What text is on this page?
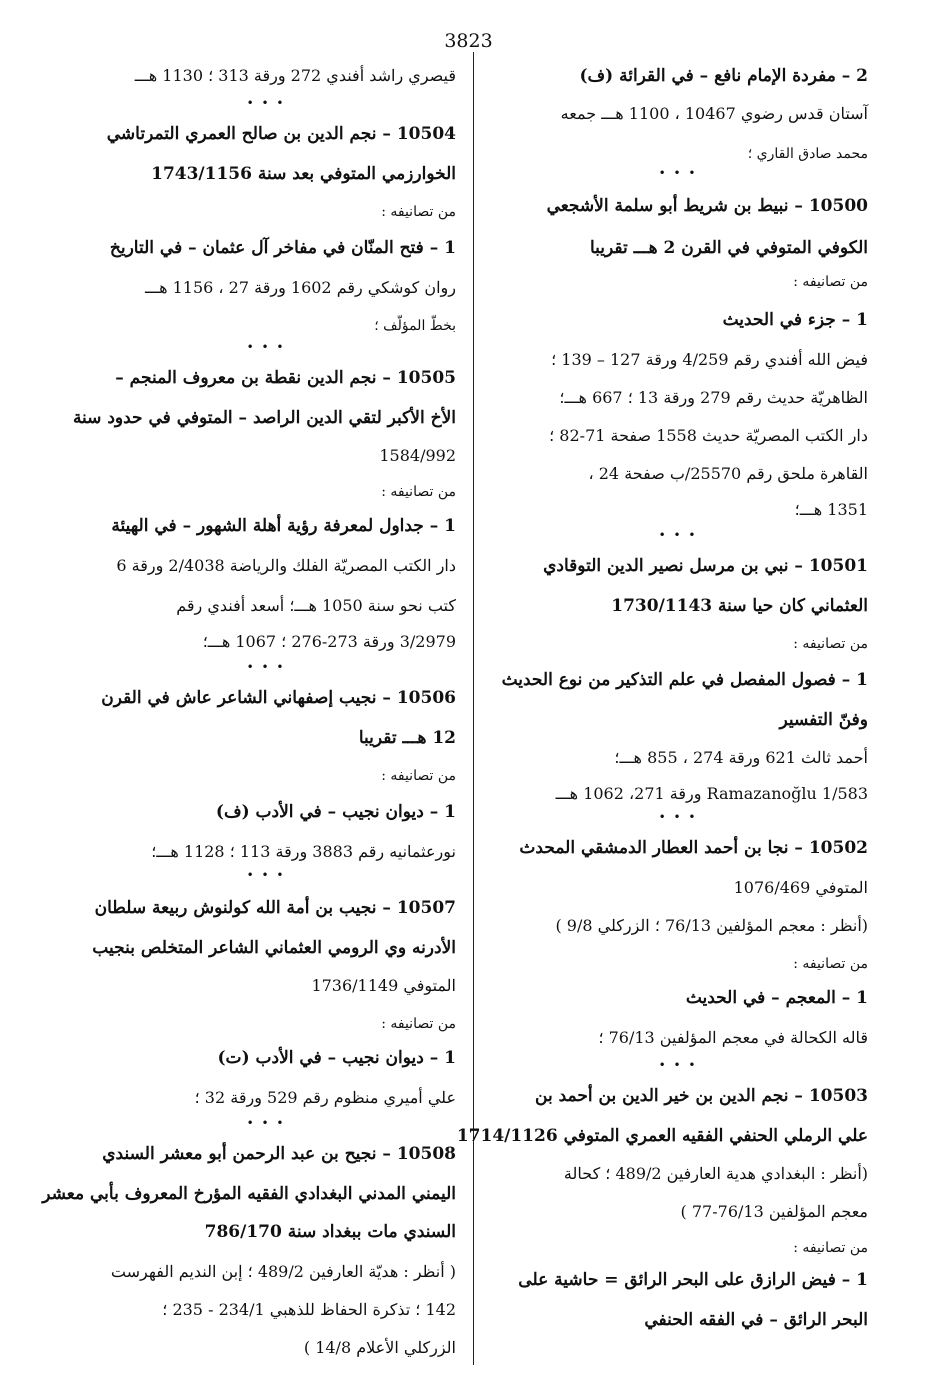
3823
2 – مفردة الإمام نافع – في القرائة (ف)
آستان قدس رضوي 10467 ، 1100 هـــ جمعه
محمد صادق القاري ؛
• • •
10500 – نبيط بن شريط أبو سلمة الأشجعي
الكوفي المتوفي في القرن 2 هـــ تقريبا
من تصانيفه :
1 – جزء في الحديث
فيض الله أفندي رقم 4/259 ورقة 127 – 139 ؛
الظاهريّة حديث رقم 279 ورقة 13 ؛ 667 هـــ؛
دار الكتب المصريّة حديث 1558 صفحة 71-82 ؛
القاهرة ملحق رقم 25570/ب صفحة 24 ،
1351 هـــ؛
• • •
10501 – نبي بن مرسل نصير الدين التوقادي
العثماني كان حيا سنة 1730/1143
من تصانيفه :
1 – فصول المفصل في علم التذكير من نوع الحديث
وفنّ التفسير
أحمد ثالث 621 ورقة 274 ، 855 هـــ؛
Ramazanoğlu 1/583 ورقة 271، 1062 هـــ
• • •
10502 – نجا بن أحمد العطار الدمشقي المحدث
المتوفي 1076/469
(أنظر : معجم المؤلفين 76/13 ؛ الزركلي 9/8 )
من تصانيفه :
1 – المعجم – في الحديث
قاله الكحالة في معجم المؤلفين 76/13 ؛
• • •
10503 – نجم الدين بن خير الدين بن أحمد بن
علي الرملي الحنفي الفقيه العمري المتوفي 1714/1126
(أنظر : البغدادي هدية العارفين 489/2 ؛ كحالة
معجم المؤلفين 76/13-77 )
من تصانيفه :
1 – فيض الرازق على البحر الرائق = حاشية على
البحر الرائق – في الفقه الحنفي
قيصري راشد أفندي 272 ورقة 313 ؛ 1130 هـــ
• • •
10504 – نجم الدين بن صالح العمري التمرتاشي
الخوارزمي المتوفي بعد سنة 1743/1156
من تصانيفه :
1 – فتح المنّان في مفاخر آل عثمان – في التاريخ
روان كوشكي رقم 1602 ورقة 27 ، 1156 هـــ
بخطّ المؤلّف ؛
• • •
10505 – نجم الدين نقطة بن معروف المنجم –
الأخ الأكبر لتقي الدين الراصد – المتوفي في حدود سنة
1584/992
من تصانيفه :
1 – جداول لمعرفة رؤية أهلة الشهور – في الهيئة
دار الكتب المصريّة الفلك والرياضة 2/4038 ورقة 6
كتب نحو سنة 1050 هـــ؛ أسعد أفندي رقم
3/2979 ورقة 273-276 ؛ 1067 هـــ؛
• • •
10506 – نجيب إصفهاني الشاعر عاش في القرن
12 هـــ تقريبا
من تصانيفه :
1 – ديوان نجيب – في الأدب (ف)
نورعثمانيه رقم 3883 ورقة 113 ؛ 1128 هـــ؛
• • •
10507 – نجيب بن أمة الله كولنوش ربيعة سلطان
الأدرنه وي الرومي العثماني الشاعر المتخلص بنجيب
المتوفي 1736/1149
من تصانيفه :
1 – ديوان نجيب – في الأدب (ت)
علي أميري منظوم رقم 529 ورقة 32 ؛
• • •
10508 – نجيح بن عبد الرحمن أبو معشر السندي
اليمني المدني البغدادي الفقيه المؤرخ المعروف بأبي معشر
السندي مات ببغداد سنة 786/170
( أنظر : هديّة العارفين 489/2 ؛ إبن النديم الفهرست
142 ؛ تذكرة الحفاظ للذهبي 234/1 - 235 ؛
الزركلي الأعلام 14/8 )
